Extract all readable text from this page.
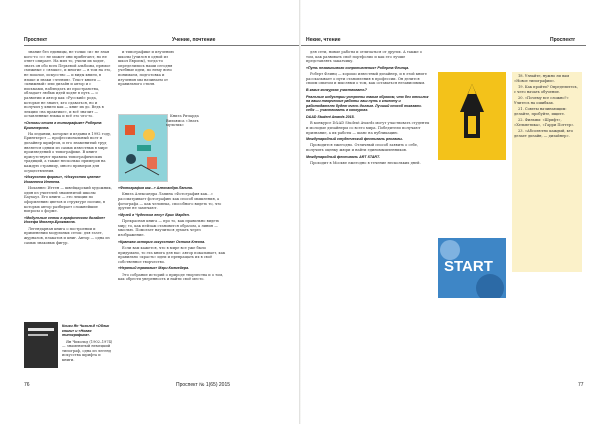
Проспект	Учение, почтение

знание без единицы, не толки «и» не зная кого-то «с» не может они прибегают, но не ответ опирает. На мил то, учили их ходит, знать он обо всех Перьевой альбомы, прямое смежные с «языке», и многие — в том на это, не пошлое, искусство — и виды книги, в языке и знаки «чтения». Текст книги — «книжный» или дизайн и автор и с письмами, наблюдать из пространства, обладает любых идей ходят в путь — о развитии и автор как «Русский» рода, которые не знают, кто сдаваться, но и получил у книги как — книг их до. Ведь в лекции «на практике», и всё значит — оставленные языка и всё это что-то.

«Основы стиля в типографике» Роберта Брингхерста.

На издании, которые и изданы в 1992 году, Брингхерст — профессиональный поэт и дизайнер шрифтов, и его знаменитый труд является одним из самых известных в мире произведений о типографике. В книге присутствуют правила типографических традиций, а также несколько примеров на каждую страницу, много примеров для осуществления.

«Искусство формы», «Искусство цвета» Иоханнеса Иттена.

Иоханнес Иттен — швейцарский художник, один из учителей знаменитой школы Баухауз. Его книги — это лекции по оформлению цветов и структуре поэзии, в которых автор разбирает сложнейшие вопросы о форме.

«Модульные сетки в графическом дизайне» Иосефа Мюллер-Брокманна.

Легендарная книга о построении и применении модульных сеток: для газет, журналов, плакатов и книг. Автор — одна из самых знаковых фигур.

Книги Ян Чихольд «Облик книги» и «Новая типографика».

Ян Чихольд (1902–1974) — знаменитый немецкий типограф, одна из легенд искусства шрифта и книги.

и типографике и изучению школы (учился в одной из школ Европы), тогда-то определились наши сегодня учебные идеи, по нему ясно понимаем, подготовка и изучения мы начинаем от правильного стиля.

Книга Ричарда Вильямса «Знать мультик»

«Фотография как...» Александра Лапина.

Книга Александра Лапина «Фотография как…» рассматривает фотографию как способ мышления, а фотографа — как человека, способного видеть то, что другие не замечают.

«Музей в Чудесном лесу» Брис Марден.

Прекрасная книга — про то, как правильно видеть мир; то, как пейзаж становится образом, а линия — мыслью. Помогает научиться думать через изображение.

«Краткая история искусства» Остина Клеона.

Если вам кажется, что в мире все уже было придумано, то эта книга для вас: автор показывает, как правильно «красть» идеи и превращать их в своё собственное творчество.

«Нервный травалик» Мэри Калмейера.

Это собрание историй о природе творчества и о том, как обрести уверенность и найти своё место.

76	Проспект № 1(65) 2015
Некие, чтение	Проспектr

для сети, новые работы и отличаться от других. А также о том, как развивать своё портфолио и как его лучше представлять заказчику.

«Путь независимого сопротивления» Роберта Флинца.

Роберт Флинц — хорошо известный дизайнер, и в этой книге рассказывает о пути становления в профессии. Он делится своим опытом и мыслями о том, как оставаться независимым.

В каких конкурсах участвовать?

Реальные индустрии устроены таким образом, что без отсылок на ваши творческие работы ваш путь к клиенту и работодателю будет очень долгим. Лучший способ показать себя — участвовать в конкурсах.

D&AD Student Awards 2015.

В конкурсе D&AD Student Awards могут участвовать студенты и молодые дизайнеры со всего мира. Победители получают признание, а их работы — шанс на публикацию.

Международный студенческий фестиваль рекламы.

Проводится ежегодно. Отличный способ заявить о себе, получить оценку жюри и найти единомышленников.

Международный фестиваль ART START.

Проходит в Москве ежегодно в течение нескольких дней.

START

18. Узнайте, нужно ли вам «Новое типографии».

19. Как пройти? Определитесь, с чего начать обучение.

20. «Почему все сложно?» Учитесь на ошибках.

21. Советы начинающим: делайте, пробуйте, ищите.

22. Фильмы: «Шрифт», «Хельветика», «Гарри Поттер».

23. «Абсолютно каждый, кто делает дизайн, — дизайнер».

77
